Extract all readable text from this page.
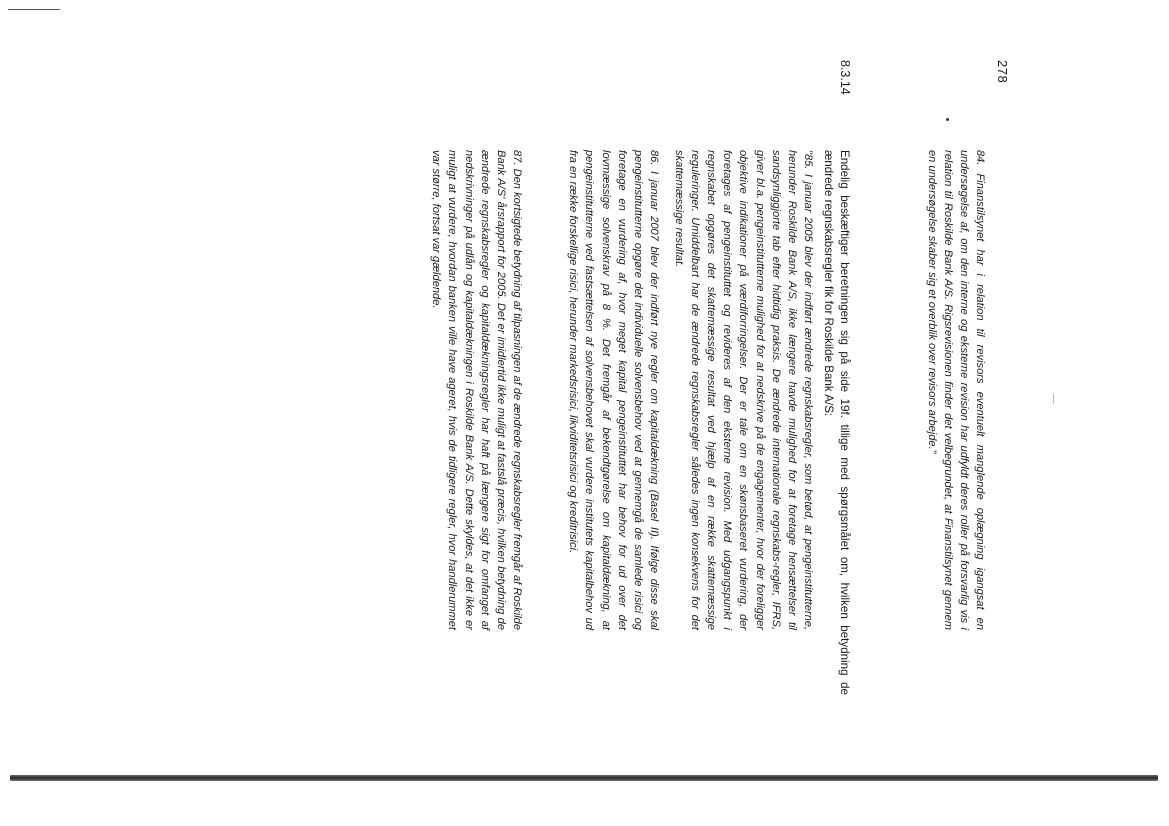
278
84. Finanstilsynet har i relation til revisors eventuelt manglende oplægning igangsat en undersøgelse af, om den interne og eksterne revision har udfyldt deres roller på forsvarlig vis i relation til Roskilde Bank A/S. Rigsrevisionen finder det velbegrundet, at Finanstilsynet gennem en undersøgelse skaber sig et overblik over revisors arbejde."
8.3.14
Endelig beskæftiger beretningen sig på side 19f. tillige med spørgsmålet om, hvilken betydning de ændrede regnskabsregler fik for Roskilde Bank A/S:
"85. I januar 2005 blev der indført ændrede regnskabsregler, som betød, at pengeinstitutterne, herunder Roskilde Bank A/S, ikke længere havde mulighed for at foretage hensættelser til sandsynliggjorte tab efter hidtidig praksis. De ændrede internationale regnskabs-regler, IFRS, giver bl.a. pengeinstitutterne mulighed for at nedskrive på de engagementer, hvor der foreligger objektive indikationer på værdiforringelser. Der er tale om en skønsbaseret vurdering, der foretages af pengeinstituttet og revideres af den eksterne revision. Med udgangspunkt i regnskabet opgøres det skattemæssige resultat ved hjælp af en række skattemæssige reguleringer. Umiddelbart har de ændrede regnskabsregler således ingen konsekvens for det skattemæssige resultat.
86. I januar 2007 blev der indført nye regler om kapitaldækning (Basel II). Ifølge disse skal pengeinstitutterne opgøre det individuelle solvensbehov ved at gennemgå de samlede risici og foretage en vurdering af, hvor meget kapital pengeinstituttet har behov for ud over det lovmæssige solvenskrav på 8 %. Det fremgår af bekendtgørelse om kapitaldækning, at pengeinstitutterne ved fastsættelsen af solvensbehovet skal vurdere institutets kapitalbehov ud fra en række forskellige risici, herunder markedsrisici, likviditetsrisici og kreditrisici.
87. Den kortsigtede betydning af tilpasningen af de ændrede regnskabsregler fremgår af Roskilde Bank A/S' årsrapport for 2005. Det er imidlertid ikke muligt at fastslå præcis, hvilken betydning de ændrede regnskabsregler og kapitaldækningsregler har haft på længere sigt for omfanget af nedskrivninger på udlån og kapitaldækningen i Roskilde Bank A/S. Dette skyldes, at det ikke er muligt at vurdere, hvordan banken ville have ageret, hvis de tidligere regler, hvor handlerummet var større, fortsat var gældende.
